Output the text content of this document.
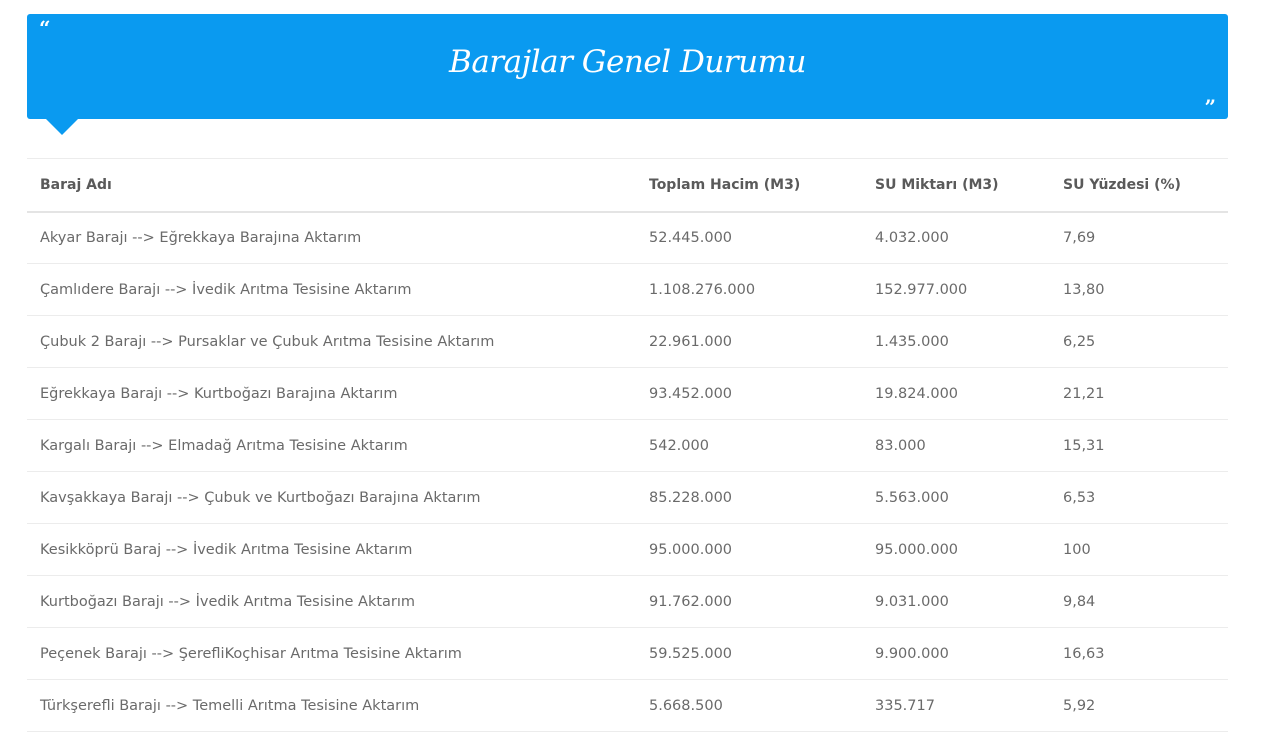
“
Barajlar Genel Durumu
”
Baraj Adı	Toplam Hacim (M3)	SU Miktarı (M3)	SU Yüzdesi (%)
Akyar Barajı --> Eğrekkaya Barajına Aktarım	52.445.000	4.032.000	7,69
Çamlıdere Barajı --> İvedik Arıtma Tesisine Aktarım	1.108.276.000	152.977.000	13,80
Çubuk 2 Barajı --> Pursaklar ve Çubuk Arıtma Tesisine Aktarım	22.961.000	1.435.000	6,25
Eğrekkaya Barajı --> Kurtboğazı Barajına Aktarım	93.452.000	19.824.000	21,21
Kargalı Barajı --> Elmadağ Arıtma Tesisine Aktarım	542.000	83.000	15,31
Kavşakkaya Barajı --> Çubuk ve Kurtboğazı Barajına Aktarım	85.228.000	5.563.000	6,53
Kesikköprü Baraj --> İvedik Arıtma Tesisine Aktarım	95.000.000	95.000.000	100
Kurtboğazı Barajı --> İvedik Arıtma Tesisine Aktarım	91.762.000	9.031.000	9,84
Peçenek Barajı --> ŞerefliKoçhisar Arıtma Tesisine Aktarım	59.525.000	9.900.000	16,63
Türkşerefli Barajı --> Temelli Arıtma Tesisine Aktarım	5.668.500	335.717	5,92
